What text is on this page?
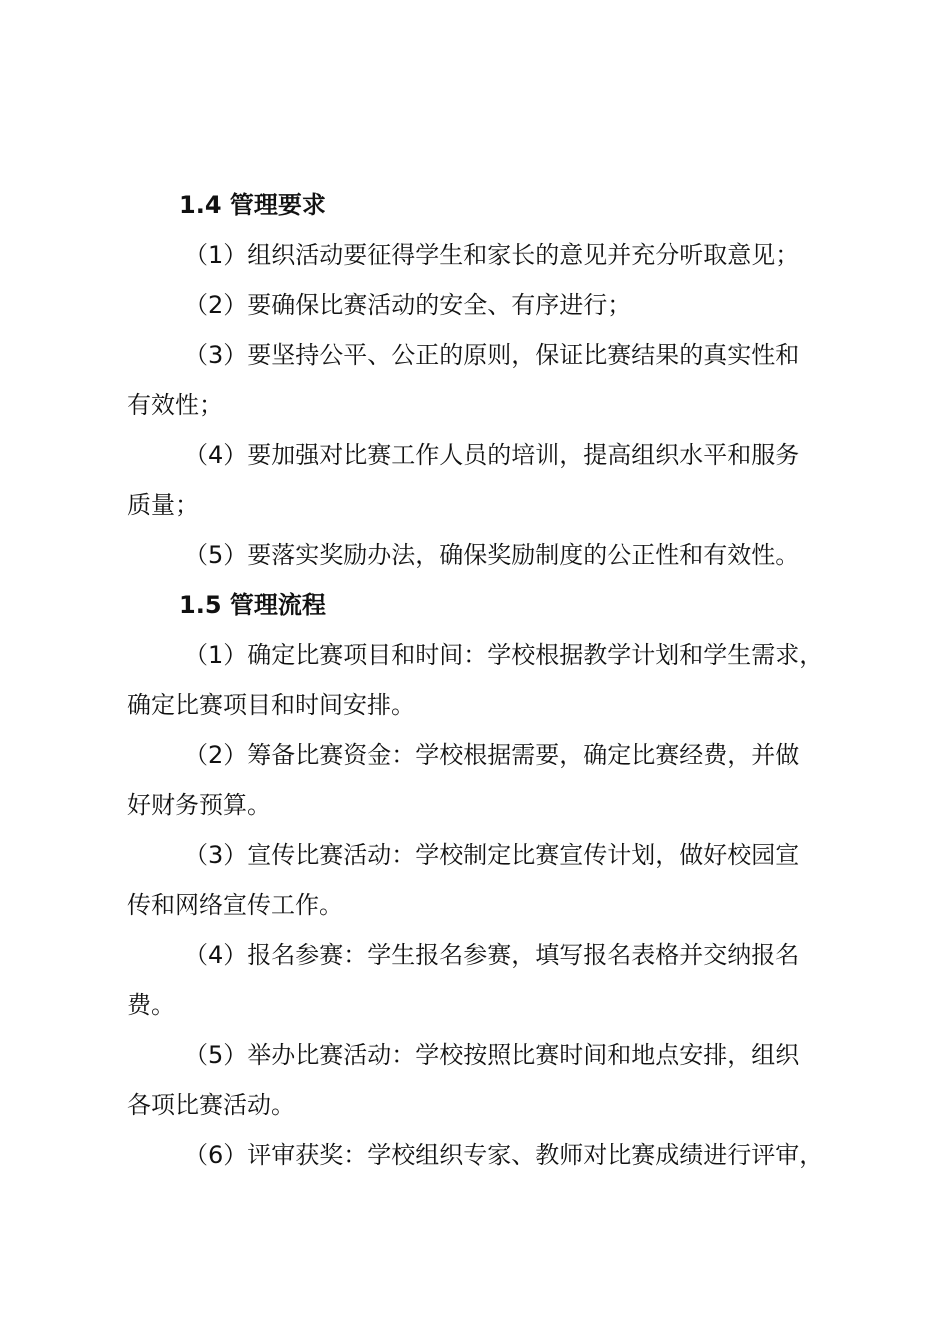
1.4 管理要求

（1）组织活动要征得学生和家长的意见并充分听取意见；
（2）要确保比赛活动的安全、有序进行；
（3）要坚持公平、公正的原则，保证比赛结果的真实性和
有效性；
（4）要加强对比赛工作人员的培训，提高组织水平和服务
质量；
（5）要落实奖励办法，确保奖励制度的公正性和有效性。

1.5 管理流程

（1）确定比赛项目和时间：学校根据教学计划和学生需求，
确定比赛项目和时间安排。
（2）筹备比赛资金：学校根据需要，确定比赛经费，并做
好财务预算。
（3）宣传比赛活动：学校制定比赛宣传计划，做好校园宣
传和网络宣传工作。
（4）报名参赛：学生报名参赛，填写报名表格并交纳报名
费。
（5）举办比赛活动：学校按照比赛时间和地点安排，组织
各项比赛活动。
（6）评审获奖：学校组织专家、教师对比赛成绩进行评审，
